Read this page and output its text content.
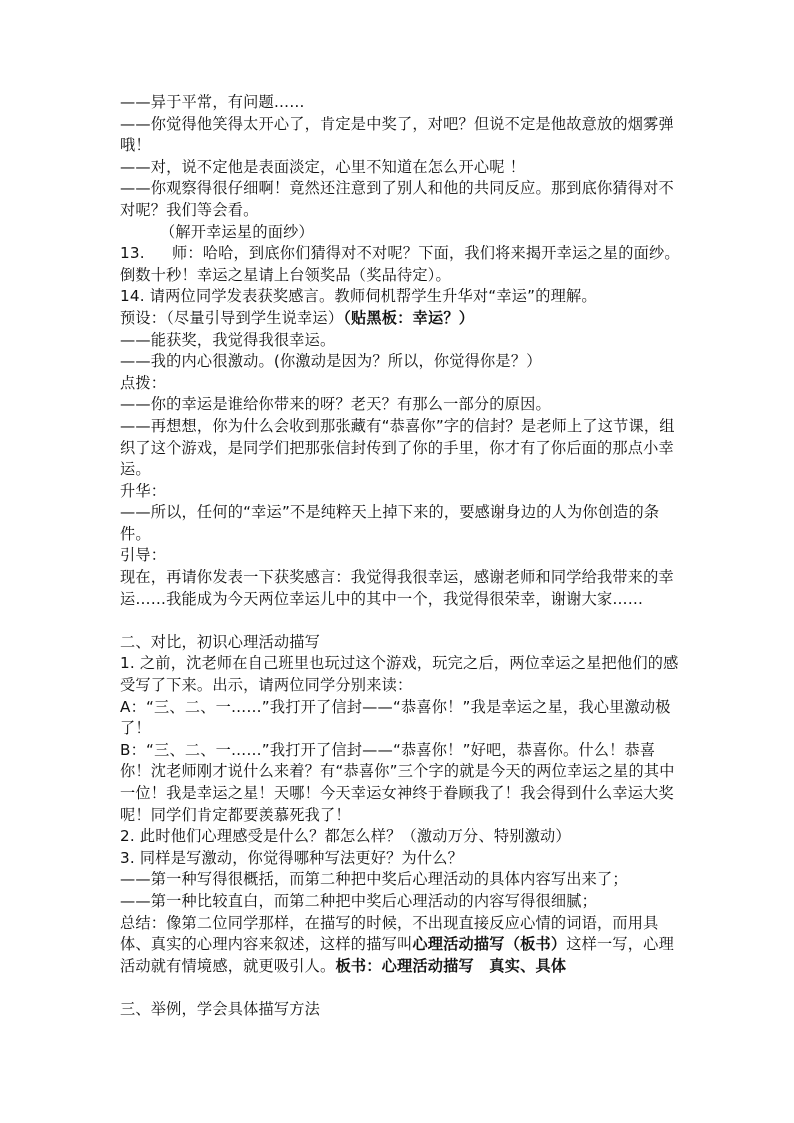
——异于平常，有问题……

——你觉得他笑得太开心了，肯定是中奖了，对吧？但说不定是他故意放的烟雾弹哦！

——对，说不定他是表面淡定，心里不知道在怎么开心呢 ！

——你观察得很仔细啊！竟然还注意到了别人和他的共同反应。那到底你猜得对不对呢？我们等会看。

（解开幸运星的面纱）

13. 师：哈哈，到底你们猜得对不对呢？下面，我们将来揭开幸运之星的面纱。倒数十秒！幸运之星请上台领奖品（奖品待定）。

14. 请两位同学发表获奖感言。教师伺机帮学生升华对“幸运”的理解。

预设：（尽量引导到学生说幸运）（贴黑板：幸运？）

——能获奖，我觉得我很幸运。

——我的内心很激动。(你激动是因为？所以，你觉得你是？）

点拨：

——你的幸运是谁给你带来的呀？老天？有那么一部分的原因。

——再想想，你为什么会收到那张藏有“恭喜你”字的信封？是老师上了这节课，组织了这个游戏，是同学们把那张信封传到了你的手里，你才有了你后面的那点小幸运。

升华：

——所以，任何的“幸运”不是纯粹天上掉下来的，要感谢身边的人为你创造的条件。

引导：

现在，再请你发表一下获奖感言：我觉得我很幸运，感谢老师和同学给我带来的幸运……我能成为今天两位幸运儿中的其中一个，我觉得很荣幸，谢谢大家……

二、对比，初识心理活动描写

1. 之前，沈老师在自己班里也玩过这个游戏，玩完之后，两位幸运之星把他们的感受写了下来。出示，请两位同学分别来读：

A：“三、二、一……”我打开了信封——“恭喜你！”我是幸运之星，我心里激动极了！

B：“三、二、一……”我打开了信封——“恭喜你！”好吧，恭喜你。什么！恭喜你！沈老师刚才说什么来着？有“恭喜你”三个字的就是今天的两位幸运之星的其中一位！我是幸运之星！天哪！今天幸运女神终于眷顾我了！我会得到什么幸运大奖呢！同学们肯定都要羡慕死我了！

2. 此时他们心理感受是什么？都怎么样？（激动万分、特别激动）

3. 同样是写激动，你觉得哪种写法更好？为什么？

——第一种写得很概括，而第二种把中奖后心理活动的具体内容写出来了；

——第一种比较直白，而第二种把中奖后心理活动的内容写得很细腻；

总结：像第二位同学那样，在描写的时候，不出现直接反应心情的词语，而用具体、真实的心理内容来叙述，这样的描写叫心理活动描写（板书）这样一写，心理活动就有情境感，就更吸引人。板书：心理活动描写　真实、具体

三、举例，学会具体描写方法
